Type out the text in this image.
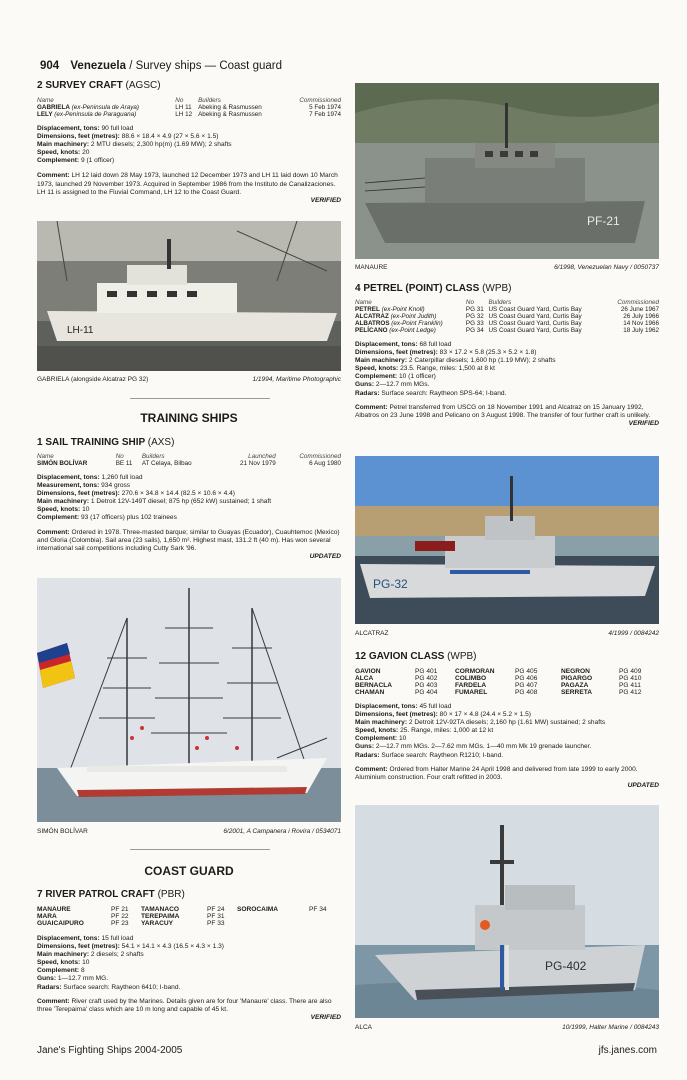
904 Venezuela / Survey ships — Coast guard

2 SURVEY CRAFT (AGSC)

Name	No	Builders	Commissioned
GABRIELA (ex-Peninsula de Araya)	LH 11	Abeking & Rasmussen	5 Feb 1974
LELY (ex-Peninsula de Paraguana)	LH 12	Abeking & Rasmussen	7 Feb 1974
Displacement, tons: 90 full load
Dimensions, feet (metres): 88.6 × 18.4 × 4.9 (27 × 5.6 × 1.5)
Main machinery: 2 MTU diesels; 2,300 hp(m) (1.69 MW); 2 shafts
Speed, knots: 20
Complement: 9 (1 officer)
Comment: LH 12 laid down 28 May 1973, launched 12 December 1973 and LH 11 laid down 10 March 1973, launched 29 November 1973. Acquired in September 1986 from the Instituto de Canalizaciones. LH 11 is assigned to the Fluvial Command, LH 12 to the Coast Guard.
VERIFIED
LH-11
GABRIELA (alongside Alcatraz PG 32)	1/1994, Maritime Photographic
TRAINING SHIPS

1 SAIL TRAINING SHIP (AXS)

Name	No	Builders	Launched	Commissioned
SIMÓN BOLÍVAR	BE 11	AT Celaya, Bilbao	21 Nov 1979	6 Aug 1980
Displacement, tons: 1,260 full load
Measurement, tons: 934 gross
Dimensions, feet (metres): 270.6 × 34.8 × 14.4 (82.5 × 10.6 × 4.4)
Main machinery: 1 Detroit 12V-149T diesel; 875 hp (652 kW) sustained; 1 shaft
Speed, knots: 10
Complement: 93 (17 officers) plus 102 trainees
Comment: Ordered in 1978. Three-masted barque; similar to Guayas (Ecuador), Cuauhtemoc (Mexico) and Gloria (Colombia). Sail area (23 sails), 1,650 m². Highest mast, 131.2 ft (40 m). Has won several international sail competitions including Cutty Sark '96.
UPDATED
SIMÓN BOLÍVAR	6/2001, A Campanera i Rovira / 0534071
COAST GUARD

7 RIVER PATROL CRAFT (PBR)

MANAURE	PF 21	TAMANACO	PF 24	SOROCAIMA	PF 34
MARA	PF 22	TEREPAIMA	PF 31
GUAICAIPURO	PF 23	YARACUY	PF 33
Displacement, tons: 15 full load
Dimensions, feet (metres): 54.1 × 14.1 × 4.3 (16.5 × 4.3 × 1.3)
Main machinery: 2 diesels; 2 shafts
Speed, knots: 10
Complement: 8
Guns: 1—12.7 mm MG.
Radars: Surface search: Raytheon 6410; I-band.
Comment: River craft used by the Marines. Details given are for four 'Manaure' class. There are also three 'Terepaima' class which are 10 m long and capable of 45 kt.
VERIFIED
PF-21
MANAURE	6/1998, Venezuelan Navy / 0050737

4 PETREL (POINT) CLASS (WPB)

Name	No	Builders	Commissioned
PETREL (ex-Point Knoll)	PG 31	US Coast Guard Yard, Curtis Bay	26 June 1967
ALCATRAZ (ex-Point Judith)	PG 32	US Coast Guard Yard, Curtis Bay	26 July 1966
ALBATROS (ex-Point Franklin)	PG 33	US Coast Guard Yard, Curtis Bay	14 Nov 1966
PELÍCANO (ex-Point Ledge)	PG 34	US Coast Guard Yard, Curtis Bay	18 July 1962
Displacement, tons: 68 full load
Dimensions, feet (metres): 83 × 17.2 × 5.8 (25.3 × 5.2 × 1.8)
Main machinery: 2 Caterpillar diesels; 1,600 hp (1.19 MW); 2 shafts
Speed, knots: 23.5. Range, miles: 1,500 at 8 kt
Complement: 10 (1 officer)
Guns: 2—12.7 mm MGs.
Radars: Surface search: Raytheon SPS-64; I-band.
Comment: Petrel transferred from USCG on 18 November 1991 and Alcatraz on 15 January 1992, Albatros on 23 June 1998 and Pelicano on 3 August 1998. The transfer of four further craft is unlikely.
VERIFIED
PG-32
ALCATRAZ	4/1999 / 0084242

12 GAVION CLASS (WPB)

GAVION	PG 401	CORMORAN	PG 405	NEGRON	PG 409
ALCA	PG 402	COLIMBO	PG 406	PIGARGO	PG 410
BERNACLA	PG 403	FARDELA	PG 407	PAGAZA	PG 411
CHAMAN	PG 404	FUMAREL	PG 408	SERRETA	PG 412
Displacement, tons: 45 full load
Dimensions, feet (metres): 80 × 17 × 4.8 (24.4 × 5.2 × 1.5)
Main machinery: 2 Detroit 12V-92TA diesels; 2,160 hp (1.61 MW) sustained; 2 shafts
Speed, knots: 25. Range, miles: 1,000 at 12 kt
Complement: 10
Guns: 2—12.7 mm MGs. 2—7.62 mm MGs. 1—40 mm Mk 19 grenade launcher.
Radars: Surface search: Raytheon R1210; I-band.
Comment: Ordered from Halter Marine 24 April 1998 and delivered from late 1999 to early 2000. Aluminium construction. Four craft refitted in 2003.
UPDATED
PG-402
ALCA	10/1999, Halter Marine / 0084243
Jane's Fighting Ships 2004-2005	jfs.janes.com
